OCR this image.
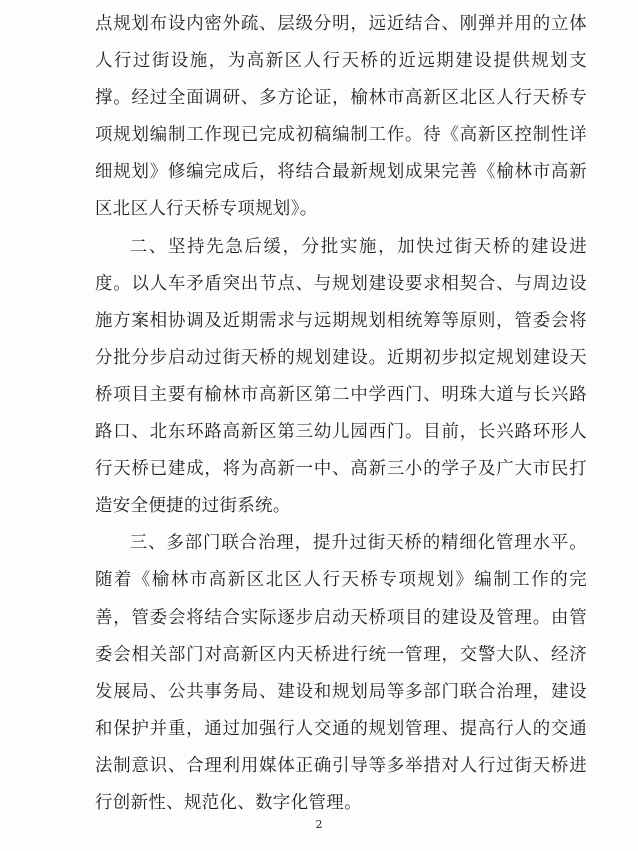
点规划布设内密外疏、层级分明，远近结合、刚弹并用的立体人行过街设施，为高新区人行天桥的近远期建设提供规划支撑。经过全面调研、多方论证，榆林市高新区北区人行天桥专项规划编制工作现已完成初稿编制工作。待《高新区控制性详细规划》修编完成后，将结合最新规划成果完善《榆林市高新区北区人行天桥专项规划》。

二、坚持先急后缓，分批实施，加快过街天桥的建设进度。以人车矛盾突出节点、与规划建设要求相契合、与周边设施方案相协调及近期需求与远期规划相统筹等原则，管委会将分批分步启动过街天桥的规划建设。近期初步拟定规划建设天桥项目主要有榆林市高新区第二中学西门、明珠大道与长兴路路口、北东环路高新区第三幼儿园西门。目前，长兴路环形人行天桥已建成，将为高新一中、高新三小的学子及广大市民打造安全便捷的过街系统。

三、多部门联合治理，提升过街天桥的精细化管理水平。随着《榆林市高新区北区人行天桥专项规划》编制工作的完善，管委会将结合实际逐步启动天桥项目的建设及管理。由管委会相关部门对高新区内天桥进行统一管理，交警大队、经济发展局、公共事务局、建设和规划局等多部门联合治理，建设和保护并重，通过加强行人交通的规划管理、提高行人的交通法制意识、合理利用媒体正确引导等多举措对人行过街天桥进行创新性、规范化、数字化管理。

2
